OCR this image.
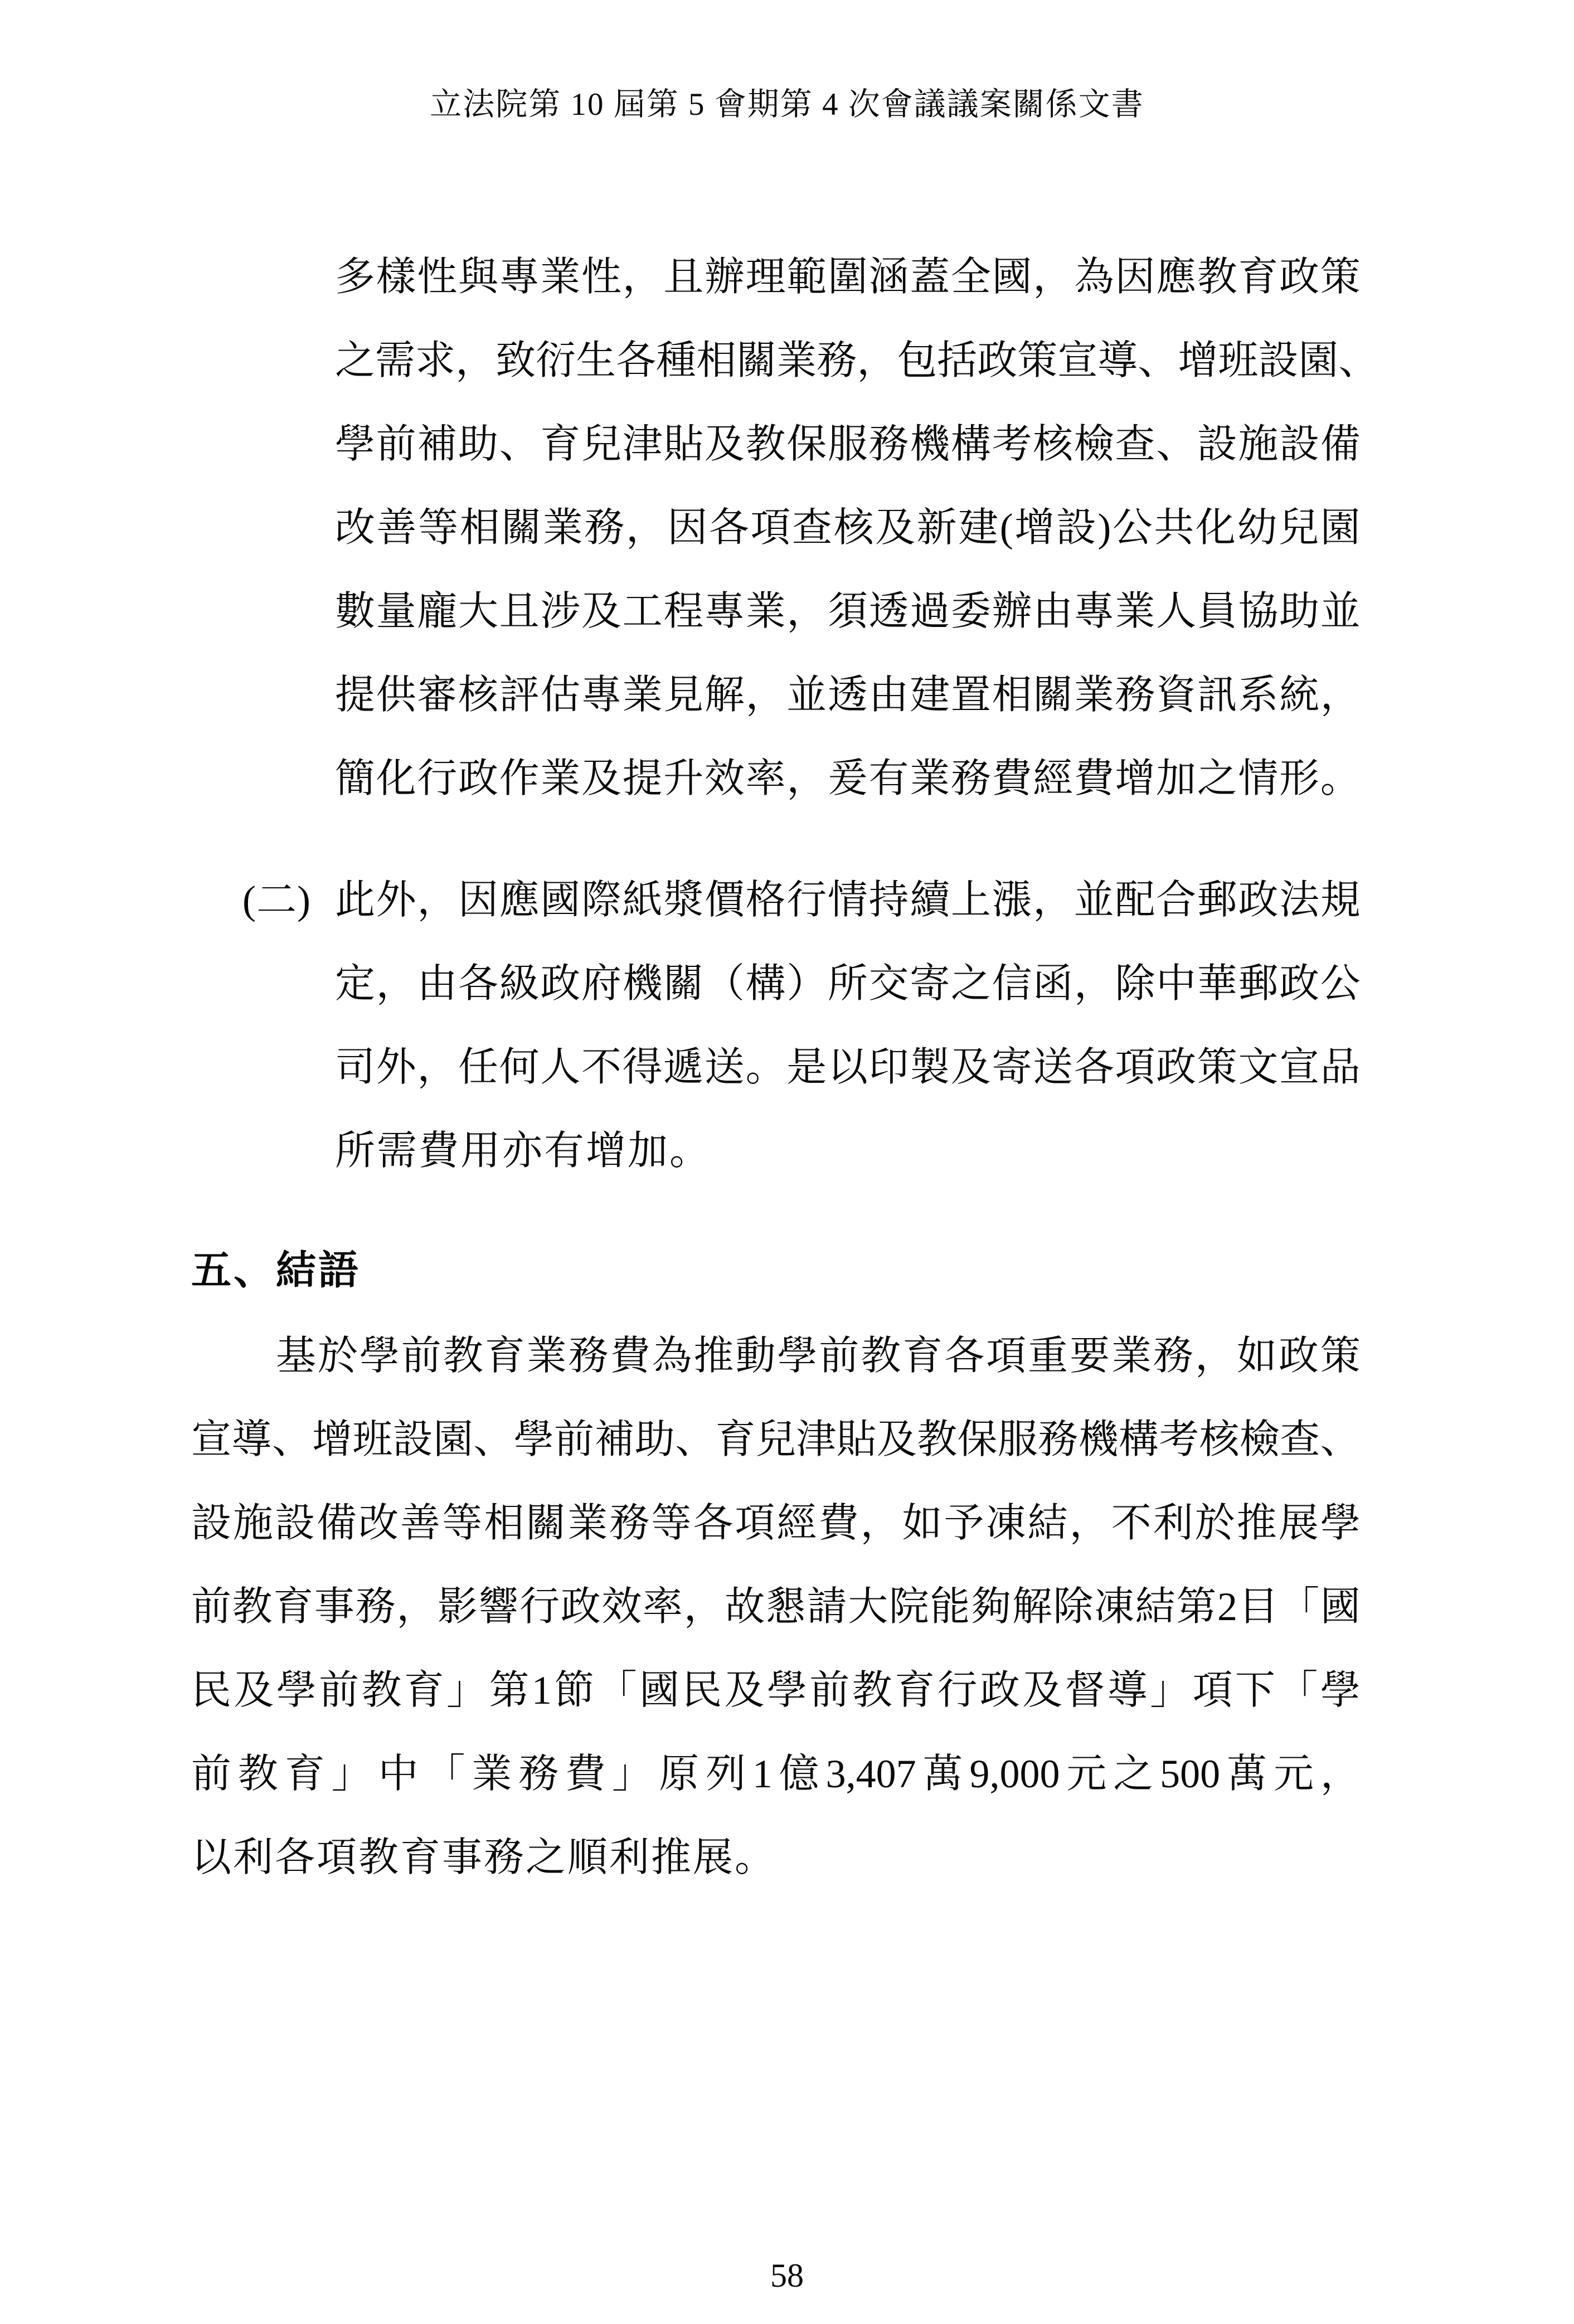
立法院第 10 屆第 5 會期第 4 次會議議案關係文書
多 樣 性 與 專 業 性 ， 且 辦 理 範 圍 涵 蓋 全 國 ， 為 因 應 教 育 政 策
之 需 求 ， 致 衍 生 各 種 相 關 業 務 ， 包 括 政 策 宣 導 、 增 班 設 園 、
學 前 補 助 、 育 兒 津 貼 及 教 保 服 務 機 構 考 核 檢 查 、 設 施 設 備
改 善 等 相 關 業 務 ， 因 各 項 查 核 及 新 建 ( 增 設 ) 公 共 化 幼 兒 園
數 量 龐 大 且 涉 及 工 程 專 業 ， 須 透 過 委 辦 由 專 業 人 員 協 助 並
提 供 審 核 評 估 專 業 見 解 ， 並 透 由 建 置 相 關 業 務 資 訊 系 統 ，
簡 化 行 政 作 業 及 提 升 效 率 ， 爰 有 業 務 費 經 費 增 加 之 情 形 。
(二) 此 外 ， 因 應 國 際 紙 漿 價 格 行 情 持 續 上 漲 ， 並 配 合 郵 政 法 規
定 ， 由 各 級 政 府 機 關 （ 構 ） 所 交 寄 之 信 函 ， 除 中 華 郵 政 公
司 外 ， 任 何 人 不 得 遞 送 。 是 以 印 製 及 寄 送 各 項 政 策 文 宣 品
所需費用亦有增加。
五、結語
基 於 學 前 教 育 業 務 費 為 推 動 學 前 教 育 各 項 重 要 業 務 ， 如 政 策
宣 導 、 增 班 設 園 、 學 前 補 助 、 育 兒 津 貼 及 教 保 服 務 機 構 考 核 檢 查 、
設 施 設 備 改 善 等 相 關 業 務 等 各 項 經 費 ， 如 予 凍 結 ， 不 利 於 推 展 學
前 教 育 事 務 ， 影 響 行 政 效 率 ， 故 懇 請 大 院 能 夠 解 除 凍 結 第 2 目 「 國
民 及 學 前 教 育 」 第 1 節 「 國 民 及 學 前 教 育 行 政 及 督 導 」 項 下 「 學
前 教 育 」 中 「 業 務 費 」 原 列 1 億 3,407 萬 9,000 元 之 500 萬 元 ，
以利各項教育事務之順利推展。
58
